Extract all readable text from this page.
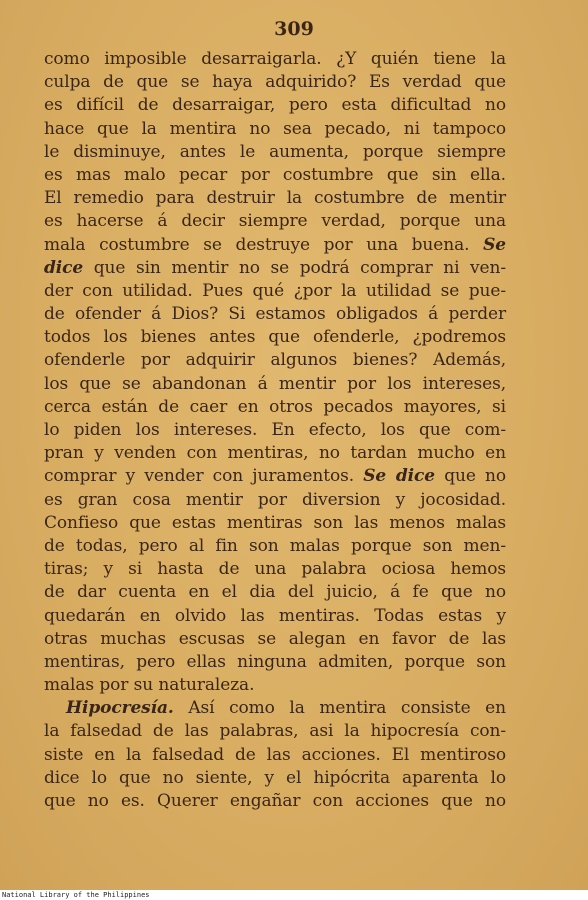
309
como imposible desarraigarla. ¿Y quién tiene la
culpa de que se haya adquirido? Es verdad que
es difícil de desarraigar, pero esta dificultad no
hace que la mentira no sea pecado, ni tampoco
le disminuye, antes le aumenta, porque siempre
es mas malo pecar por costumbre que sin ella.
El remedio para destruir la costumbre de mentir
es hacerse á decir siempre verdad, porque una
mala costumbre se destruye por una buena. Se
dice que sin mentir no se podrá comprar ni ven-
der con utilidad. Pues qué ¿por la utilidad se pue-
de ofender á Dios? Si estamos obligados á perder
todos los bienes antes que ofenderle, ¿podremos
ofenderle por adquirir algunos bienes? Además,
los que se abandonan á mentir por los intereses,
cerca están de caer en otros pecados mayores, si
lo piden los intereses. En efecto, los que com-
pran y venden con mentiras, no tardan mucho en
comprar y vender con juramentos. Se dice que no
es gran cosa mentir por diversion y jocosidad.
Confieso que estas mentiras son las menos malas
de todas, pero al fin son malas porque son men-
tiras; y si hasta de una palabra ociosa hemos
de dar cuenta en el dia del juicio, á fe que no
quedarán en olvido las mentiras. Todas estas y
otras muchas escusas se alegan en favor de las
mentiras, pero ellas ninguna admiten, porque son
malas por su naturaleza.
Hipocresía. Así como la mentira consiste en
la falsedad de las palabras, asi la hipocresía con-
siste en la falsedad de las acciones. El mentiroso
dice lo que no siente, y el hipócrita aparenta lo
que no es. Querer engañar con acciones que no
National Library of the Philippines
